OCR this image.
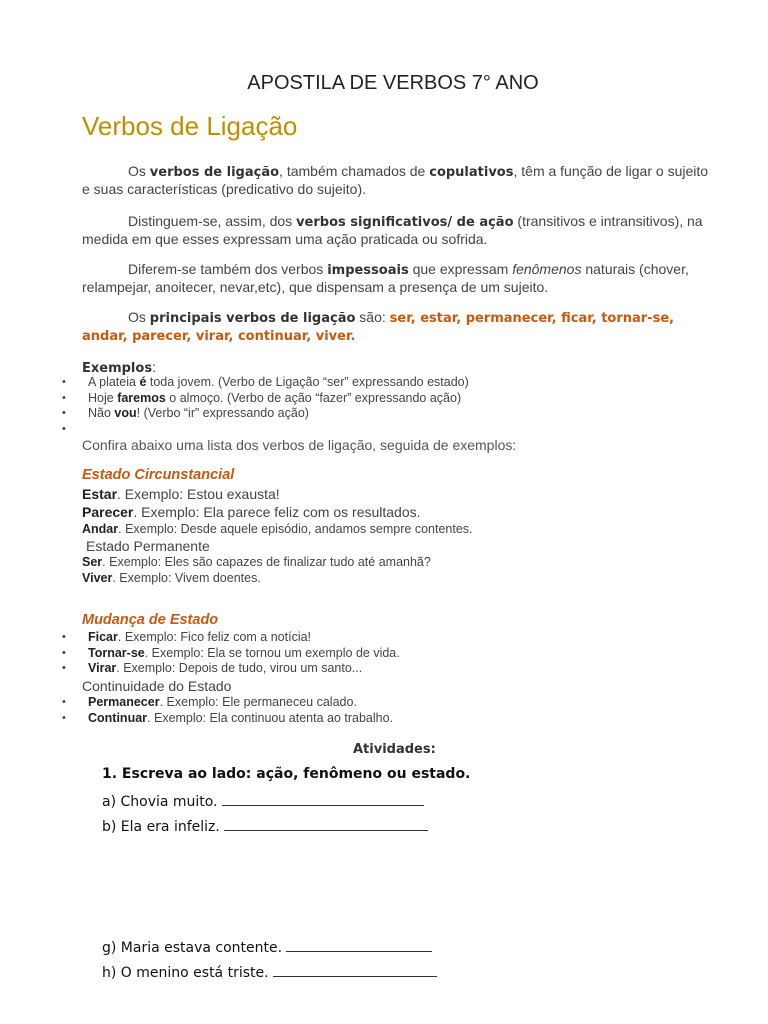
APOSTILA DE VERBOS 7° ANO
Verbos de Ligação
Os verbos de ligação, também chamados de copulativos, têm a função de ligar o sujeito e suas características (predicativo do sujeito).
Distinguem-se, assim, dos verbos significativos/ de ação (transitivos e intransitivos), na medida em que esses expressam uma ação praticada ou sofrida.
Diferem-se também dos verbos impessoais que expressam fenômenos naturais (chover, relampejar, anoitecer, nevar,etc), que dispensam a presença de um sujeito.
Os principais verbos de ligação são: ser, estar, permanecer, ficar, tornar-se, andar, parecer, virar, continuar, viver.
Exemplos:
• A plateia é toda jovem. (Verbo de Ligação “ser” expressando estado)
• Hoje faremos o almoço. (Verbo de ação “fazer” expressando ação)
• Não vou! (Verbo “ir” expressando ação)
•

Confira abaixo uma lista dos verbos de ligação, seguida de exemplos:
Estado Circunstancial
Estar. Exemplo: Estou exausta!
Parecer. Exemplo: Ela parece feliz com os resultados.
Andar. Exemplo: Desde aquele episódio, andamos sempre contentes.
Estado Permanente
Ser. Exemplo: Eles são capazes de finalizar tudo até amanhã?
Viver. Exemplo: Vivem doentes.
Mudança de Estado
• Ficar. Exemplo: Fico feliz com a notícia!
• Tornar-se. Exemplo: Ela se tornou um exemplo de vida.
• Virar. Exemplo: Depois de tudo, virou um santo...
Continuidade do Estado
• Permanecer. Exemplo: Ele permaneceu calado.
• Continuar. Exemplo: Ela continuou atenta ao trabalho.
Atividades:
1. Escreva ao lado: ação, fenômeno ou estado.
a) Chovia muito.
b) Ela era infeliz.
g) Maria estava contente.
h) O menino está triste.
